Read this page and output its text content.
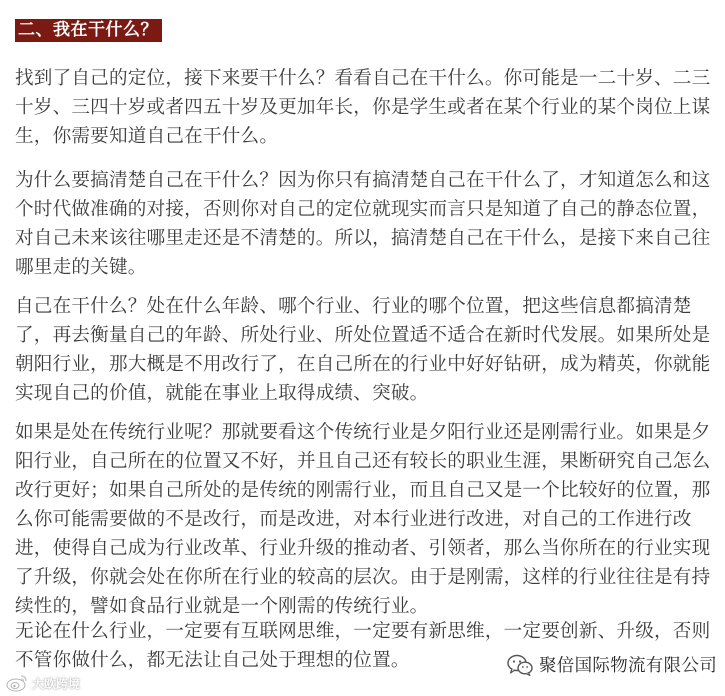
二、我在干什么？

找到了自己的定位，接下来要干什么？看看自己在干什么。你可能是一二十岁、二三十岁、三四十岁或者四五十岁及更加年长，你是学生或者在某个行业的某个岗位上谋生，你需要知道自己在干什么。

为什么要搞清楚自己在干什么？因为你只有搞清楚自己在干什么了，才知道怎么和这个时代做准确的对接，否则你对自己的定位就现实而言只是知道了自己的静态位置，对自己未来该往哪里走还是不清楚的。所以，搞清楚自己在干什么，是接下来自己往哪里走的关键。

自己在干什么？处在什么年龄、哪个行业、行业的哪个位置，把这些信息都搞清楚了，再去衡量自己的年龄、所处行业、所处位置适不适合在新时代发展。如果所处是朝阳行业，那大概是不用改行了，在自己所在的行业中好好钻研，成为精英，你就能实现自己的价值，就能在事业上取得成绩、突破。

如果是处在传统行业呢？那就要看这个传统行业是夕阳行业还是刚需行业。如果是夕阳行业，自己所在的位置又不好，并且自己还有较长的职业生涯，果断研究自己怎么改行更好；如果自己所处的是传统的刚需行业，而且自己又是一个比较好的位置，那么你可能需要做的不是改行，而是改进，对本行业进行改进，对自己的工作进行改进，使得自己成为行业改革、行业升级的推动者、引领者，那么当你所在的行业实现了升级，你就会处在你所在行业的较高的层次。由于是刚需，这样的行业往往是有持续性的，譬如食品行业就是一个刚需的传统行业。

无论在什么行业，一定要有互联网思维，一定要有新思维，一定要创新、升级，否则不管你做什么，都无法让自己处于理想的位置。

大欧跨境
聚倍国际物流有限公司
